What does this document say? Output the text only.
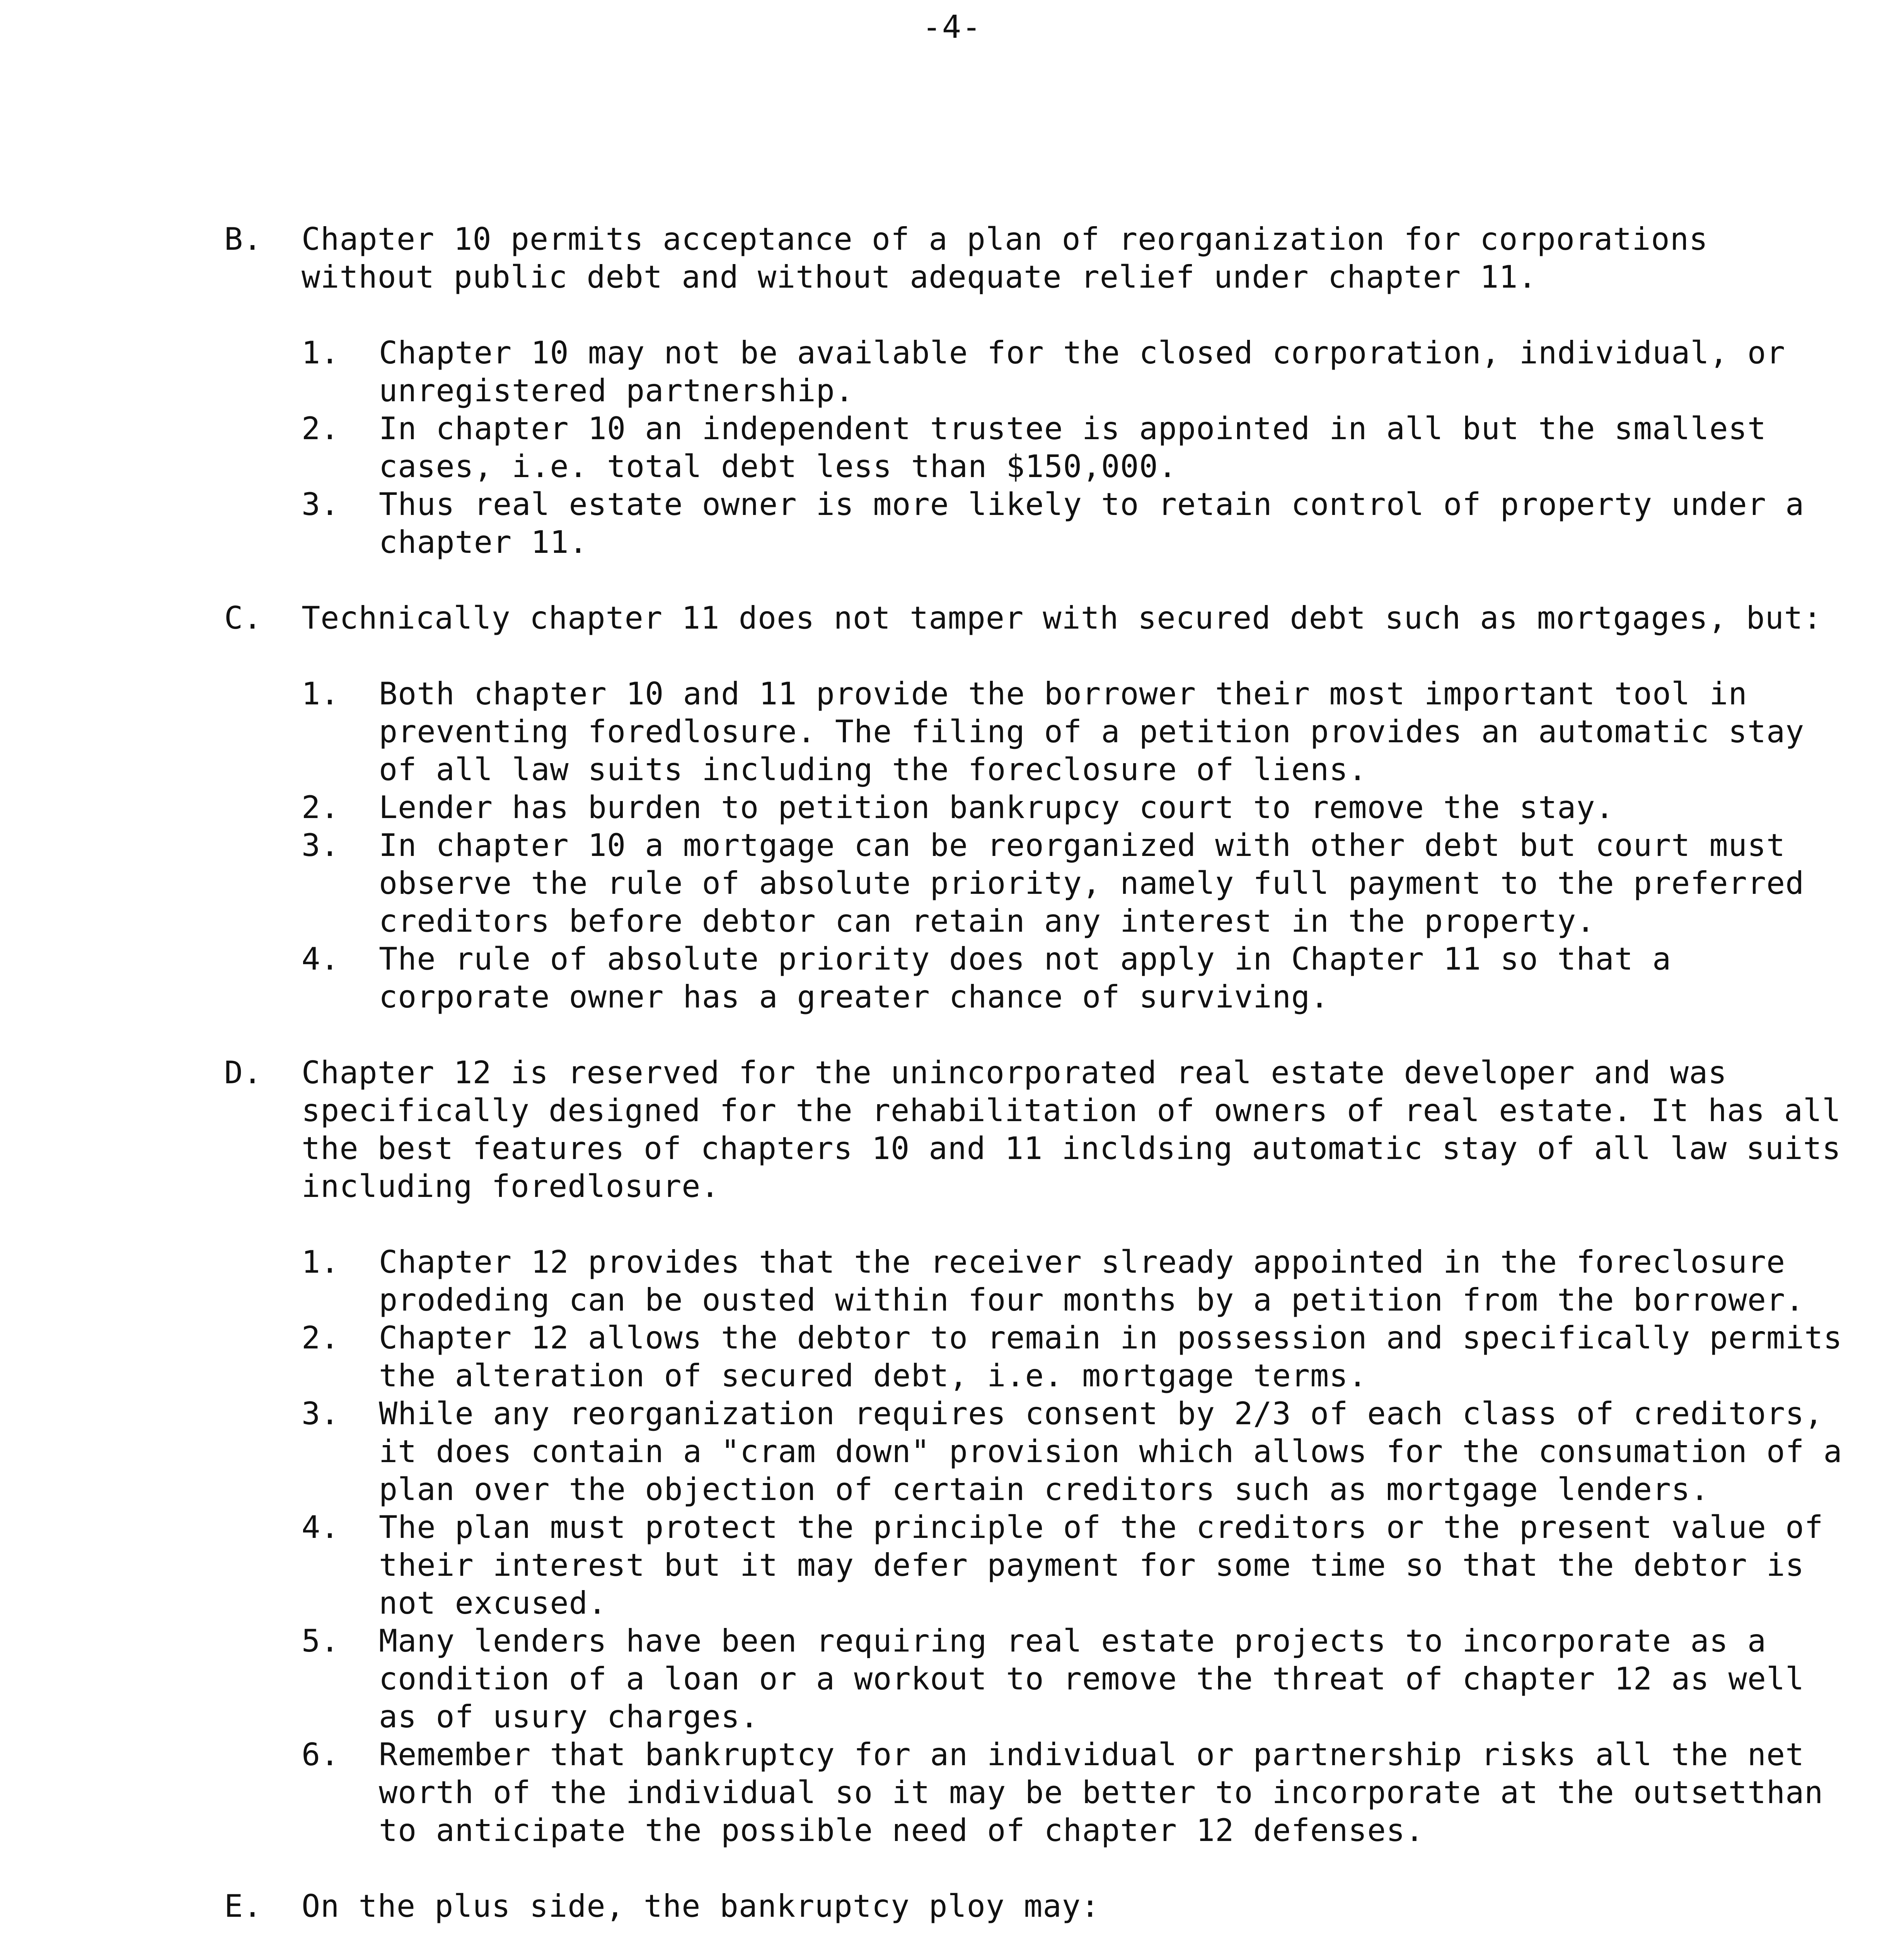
-4-
B.	Chapter 10 permits acceptance of a plan of reorganization for corporations without public debt and without adequate relief under chapter 11.

1.	Chapter 10 may not be available for the closed corporation, individual, or unregistered partnership.
2.	In chapter 10 an independent trustee is appointed in all but the smallest cases, i.e. total debt less than $150,000.
3.	Thus real estate owner is more likely to retain control of property under a chapter 11.
C.	Technically chapter 11 does not tamper with secured debt such as mortgages, but:

1.	Both chapter 10 and 11 provide the borrower their most important tool in preventing foredlosure. The filing of a petition provides an automatic stay of all law suits including the foreclosure of liens.
2.	Lender has burden to petition bankrupcy court to remove the stay.
3.	In chapter 10 a mortgage can be reorganized with other debt but court must observe the rule of absolute priority, namely full payment to the preferred creditors before debtor can retain any interest in the property.
4.	The rule of absolute priority does not apply in Chapter 11 so that a corporate owner has a greater chance of surviving.
D.	Chapter 12 is reserved for the unincorporated real estate developer and was specifically designed for the rehabilitation of owners of real estate. It has all the best features of chapters 10 and 11 incldsing automatic stay of all law suits including foredlosure.

1.	Chapter 12 provides that the receiver slready appointed in the foreclosure prodeding can be ousted within four months by a petition from the borrower.
2.	Chapter 12 allows the debtor to remain in possession and specifically permits the alteration of secured debt, i.e. mortgage terms.
3.	While any reorganization requires consent by 2/3 of each class of creditors, it does contain a "cram down" provision which allows for the consumation of a plan over the objection of certain creditors such as mortgage lenders.
4.	The plan must protect the principle of the creditors or the present value of their interest but it may defer payment for some time so that the debtor is not excused.
5.	Many lenders have been requiring real estate projects to incorporate as a condition of a loan or a workout to remove the threat of chapter 12 as well as of usury charges.
6.	Remember that bankruptcy for an individual or partnership risks all the net worth of the individual so it may be better to incorporate at the outsetthan to anticipate the possible need of chapter 12 defenses.
E.	On the plus side, the bankruptcy ploy may:
